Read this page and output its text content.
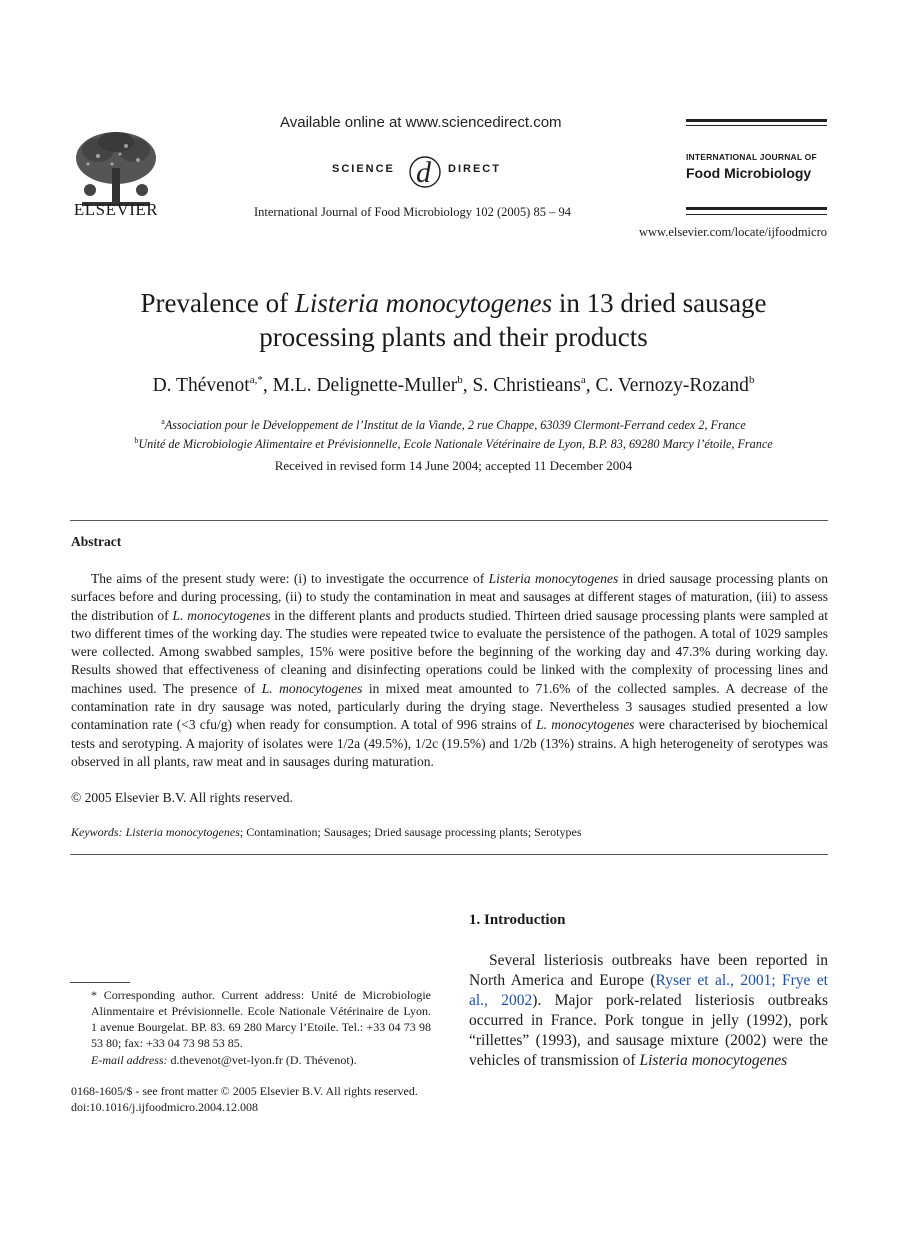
ELSEVIER
Available online at www.sciencedirect.com
SCIENCE d DIRECT
International Journal of Food Microbiology 102 (2005) 85 – 94
INTERNATIONAL JOURNAL OF
Food Microbiology
www.elsevier.com/locate/ijfoodmicro
Prevalence of Listeria monocytogenes in 13 dried sausage
processing plants and their products
D. Thévenot$^{a,*}$, M.L. Delignette-Muller$^b$, S. Christieans$^a$, C. Vernozy-Rozand$^b$
$^a$Association pour le Développement de l’Institut de la Viande, 2 rue Chappe, 63039 Clermont-Ferrand cedex 2, France
$^b$Unité de Microbiologie Alimentaire et Prévisionnelle, Ecole Nationale Vétérinaire de Lyon, B.P. 83, 69280 Marcy l’étoile, France
Received in revised form 14 June 2004; accepted 11 December 2004
Abstract

The aims of the present study were: (i) to investigate the occurrence of Listeria monocytogenes in dried sausage processing plants on surfaces before and during processing, (ii) to study the contamination in meat and sausages at different stages of maturation, (iii) to assess the distribution of L. monocytogenes in the different plants and products studied. Thirteen dried sausage processing plants were sampled at two different times of the working day. The studies were repeated twice to evaluate the persistence of the pathogen. A total of 1029 samples were collected. Among swabbed samples, 15% were positive before the beginning of the working day and 47.3% during working day. Results showed that effectiveness of cleaning and disinfecting operations could be linked with the complexity of processing lines and machines used. The presence of L. monocytogenes in mixed meat amounted to 71.6% of the collected samples. A decrease of the contamination rate in dry sausage was noted, particularly during the drying stage. Nevertheless 3 sausages studied presented a low contamination rate (<3 cfu/g) when ready for consumption. A total of 996 strains of L. monocytogenes were characterised by biochemical tests and serotyping. A majority of isolates were 1/2a (49.5%), 1/2c (19.5%) and 1/2b (13%) strains. A high heterogeneity of serotypes was observed in all plants, raw meat and in sausages during maturation.

© 2005 Elsevier B.V. All rights reserved.
Keywords: Listeria monocytogenes; Contamination; Sausages; Dried sausage processing plants; Serotypes
* Corresponding author. Current address: Unité de Microbiologie Alinmentaire et Prévisionnelle. Ecole Nationale Vétérinaire de Lyon. 1 avenue Bourgelat. BP. 83. 69 280 Marcy l’Etoile. Tel.: +33 04 73 98 53 80; fax: +33 04 73 98 53 85.
E-mail address: d.thevenot@vet-lyon.fr (D. Thévenot).
0168-1605/$ - see front matter © 2005 Elsevier B.V. All rights reserved.
doi:10.1016/j.ijfoodmicro.2004.12.008
1. Introduction

Several listeriosis outbreaks have been reported in North America and Europe (Ryser et al., 2001; Frye et al., 2002). Major pork-related listeriosis outbreaks occurred in France. Pork tongue in jelly (1992), pork “rillettes” (1993), and sausage mixture (2002) were the vehicles of transmission of Listeria monocytogenes
